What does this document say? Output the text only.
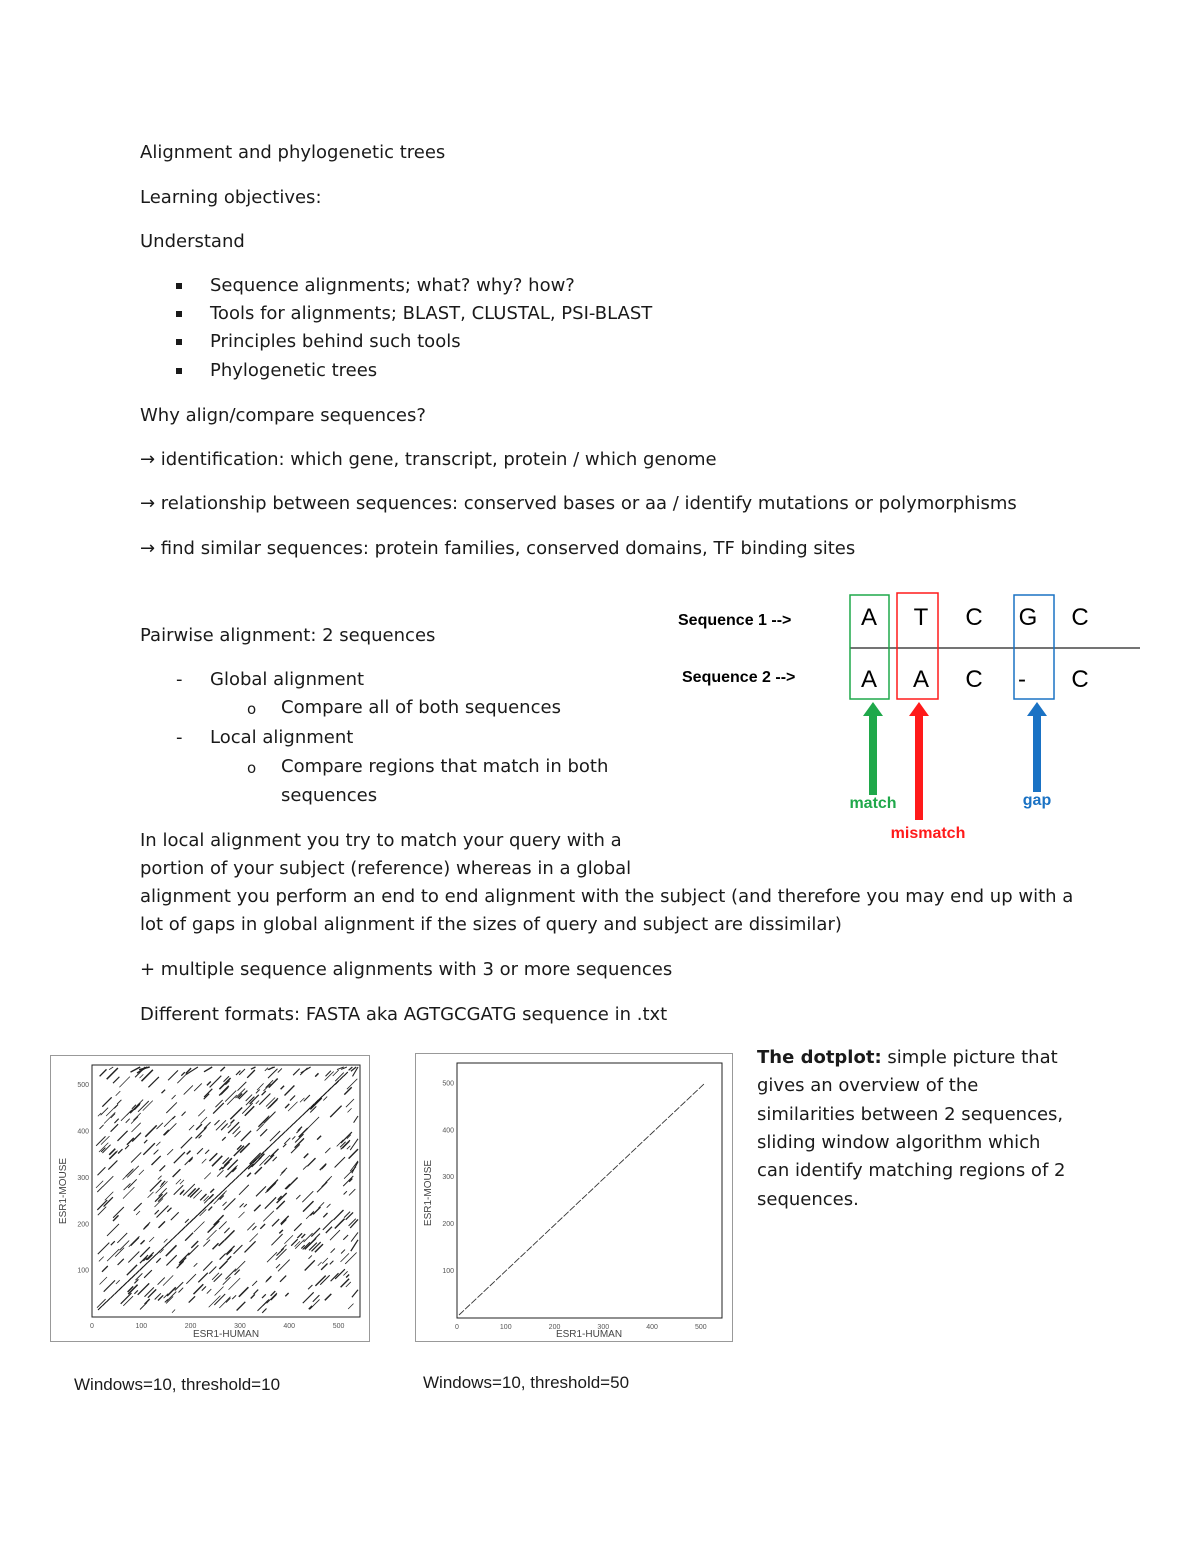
Alignment and phylogenetic trees
Learning objectives:
Understand
Sequence alignments; what? why? how?
Tools for alignments; BLAST, CLUSTAL, PSI-BLAST
Principles behind such tools
Phylogenetic trees
Why align/compare sequences?
→ identification: which gene, transcript, protein / which genome
→ relationship between sequences: conserved bases or aa / identify mutations or polymorphisms
→ find similar sequences: protein families, conserved domains, TF binding sites
Pairwise alignment: 2 sequences
- Global alignment
o Compare all of both sequences
- Local alignment
o Compare regions that match in both
sequences
In local alignment you try to match your query with a
portion of your subject (reference) whereas in a global
alignment you perform an end to end alignment with the subject (and therefore you may end up with a
lot of gaps in global alignment if the sizes of query and subject are dissimilar)
+ multiple sequence alignments with 3 or more sequences
Different formats: FASTA aka AGTGCGATG sequence in .txt
The dotplot: simple picture that
gives an overview of the
similarities between 2 sequences,
sliding window algorithm which
can identify matching regions of 2
sequences.
Sequence 1 -->
Sequence 2 -->
A T C G C
A A C - C
match
mismatch
gap
0	100	200	300	400	500
100
200
300
400
500
ESR1-HUMAN
ESR1-MOUSE
Windows=10, threshold=10
0	100	200	300	400	500
100
200
300
400
500
ESR1-HUMAN
ESR1-MOUSE
Windows=10, threshold=50
